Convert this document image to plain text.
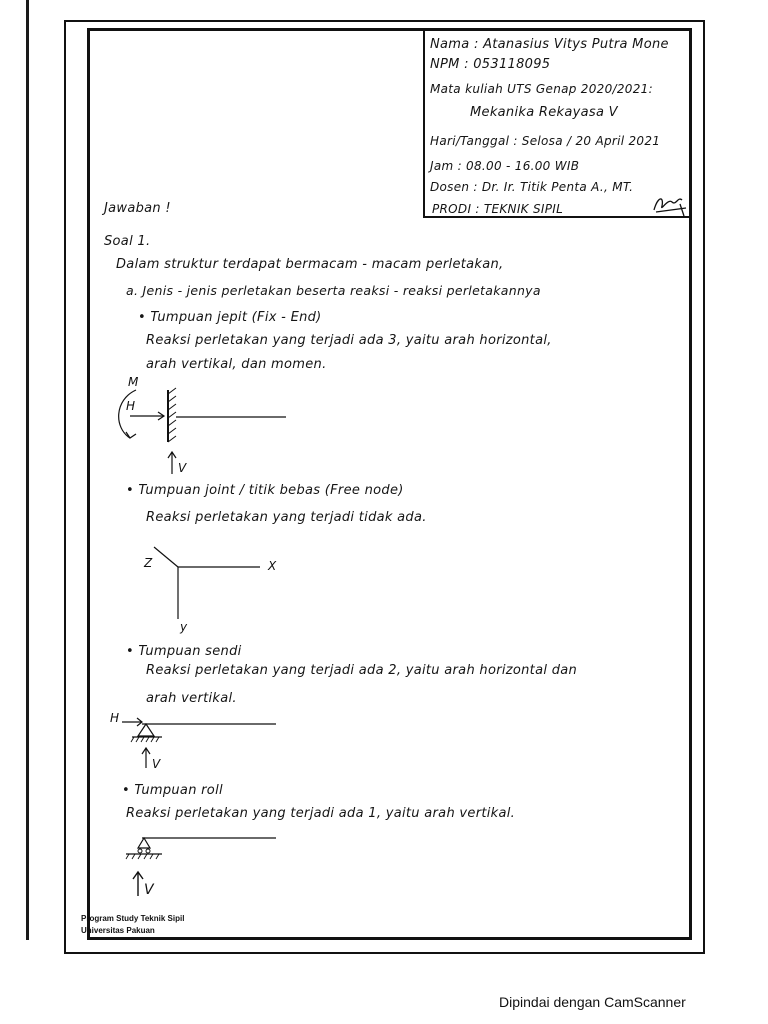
Nama : Atanasius Vitys Putra Mone
NPM : 053118095
Mata kuliah UTS Genap 2020/2021:
Mekanika Rekayasa V
Hari/Tanggal : Selosa / 20 April 2021
Jam : 08.00 - 16.00 WIB
Dosen : Dr. Ir. Titik Penta A., MT.
PRODI : TEKNIK SIPIL
Jawaban !
Soal 1.
Dalam struktur terdapat bermacam - macam perletakan,
a. Jenis - jenis perletakan beserta reaksi - reaksi perletakannya
• Tumpuan jepit (Fix - End)
Reaksi perletakan yang terjadi ada 3, yaitu arah horizontal,
arah vertikal, dan momen.
M
H
V
• Tumpuan joint / titik bebas (Free node)
Reaksi perletakan yang terjadi tidak ada.
Z	X
y
• Tumpuan sendi
Reaksi perletakan yang terjadi ada 2, yaitu arah horizontal dan
arah vertikal.
H
V
• Tumpuan roll
Reaksi perletakan yang terjadi ada 1, yaitu arah vertikal.
V
Program Study Teknik Sipil
Universitas Pakuan
Dipindai dengan CamScanner
